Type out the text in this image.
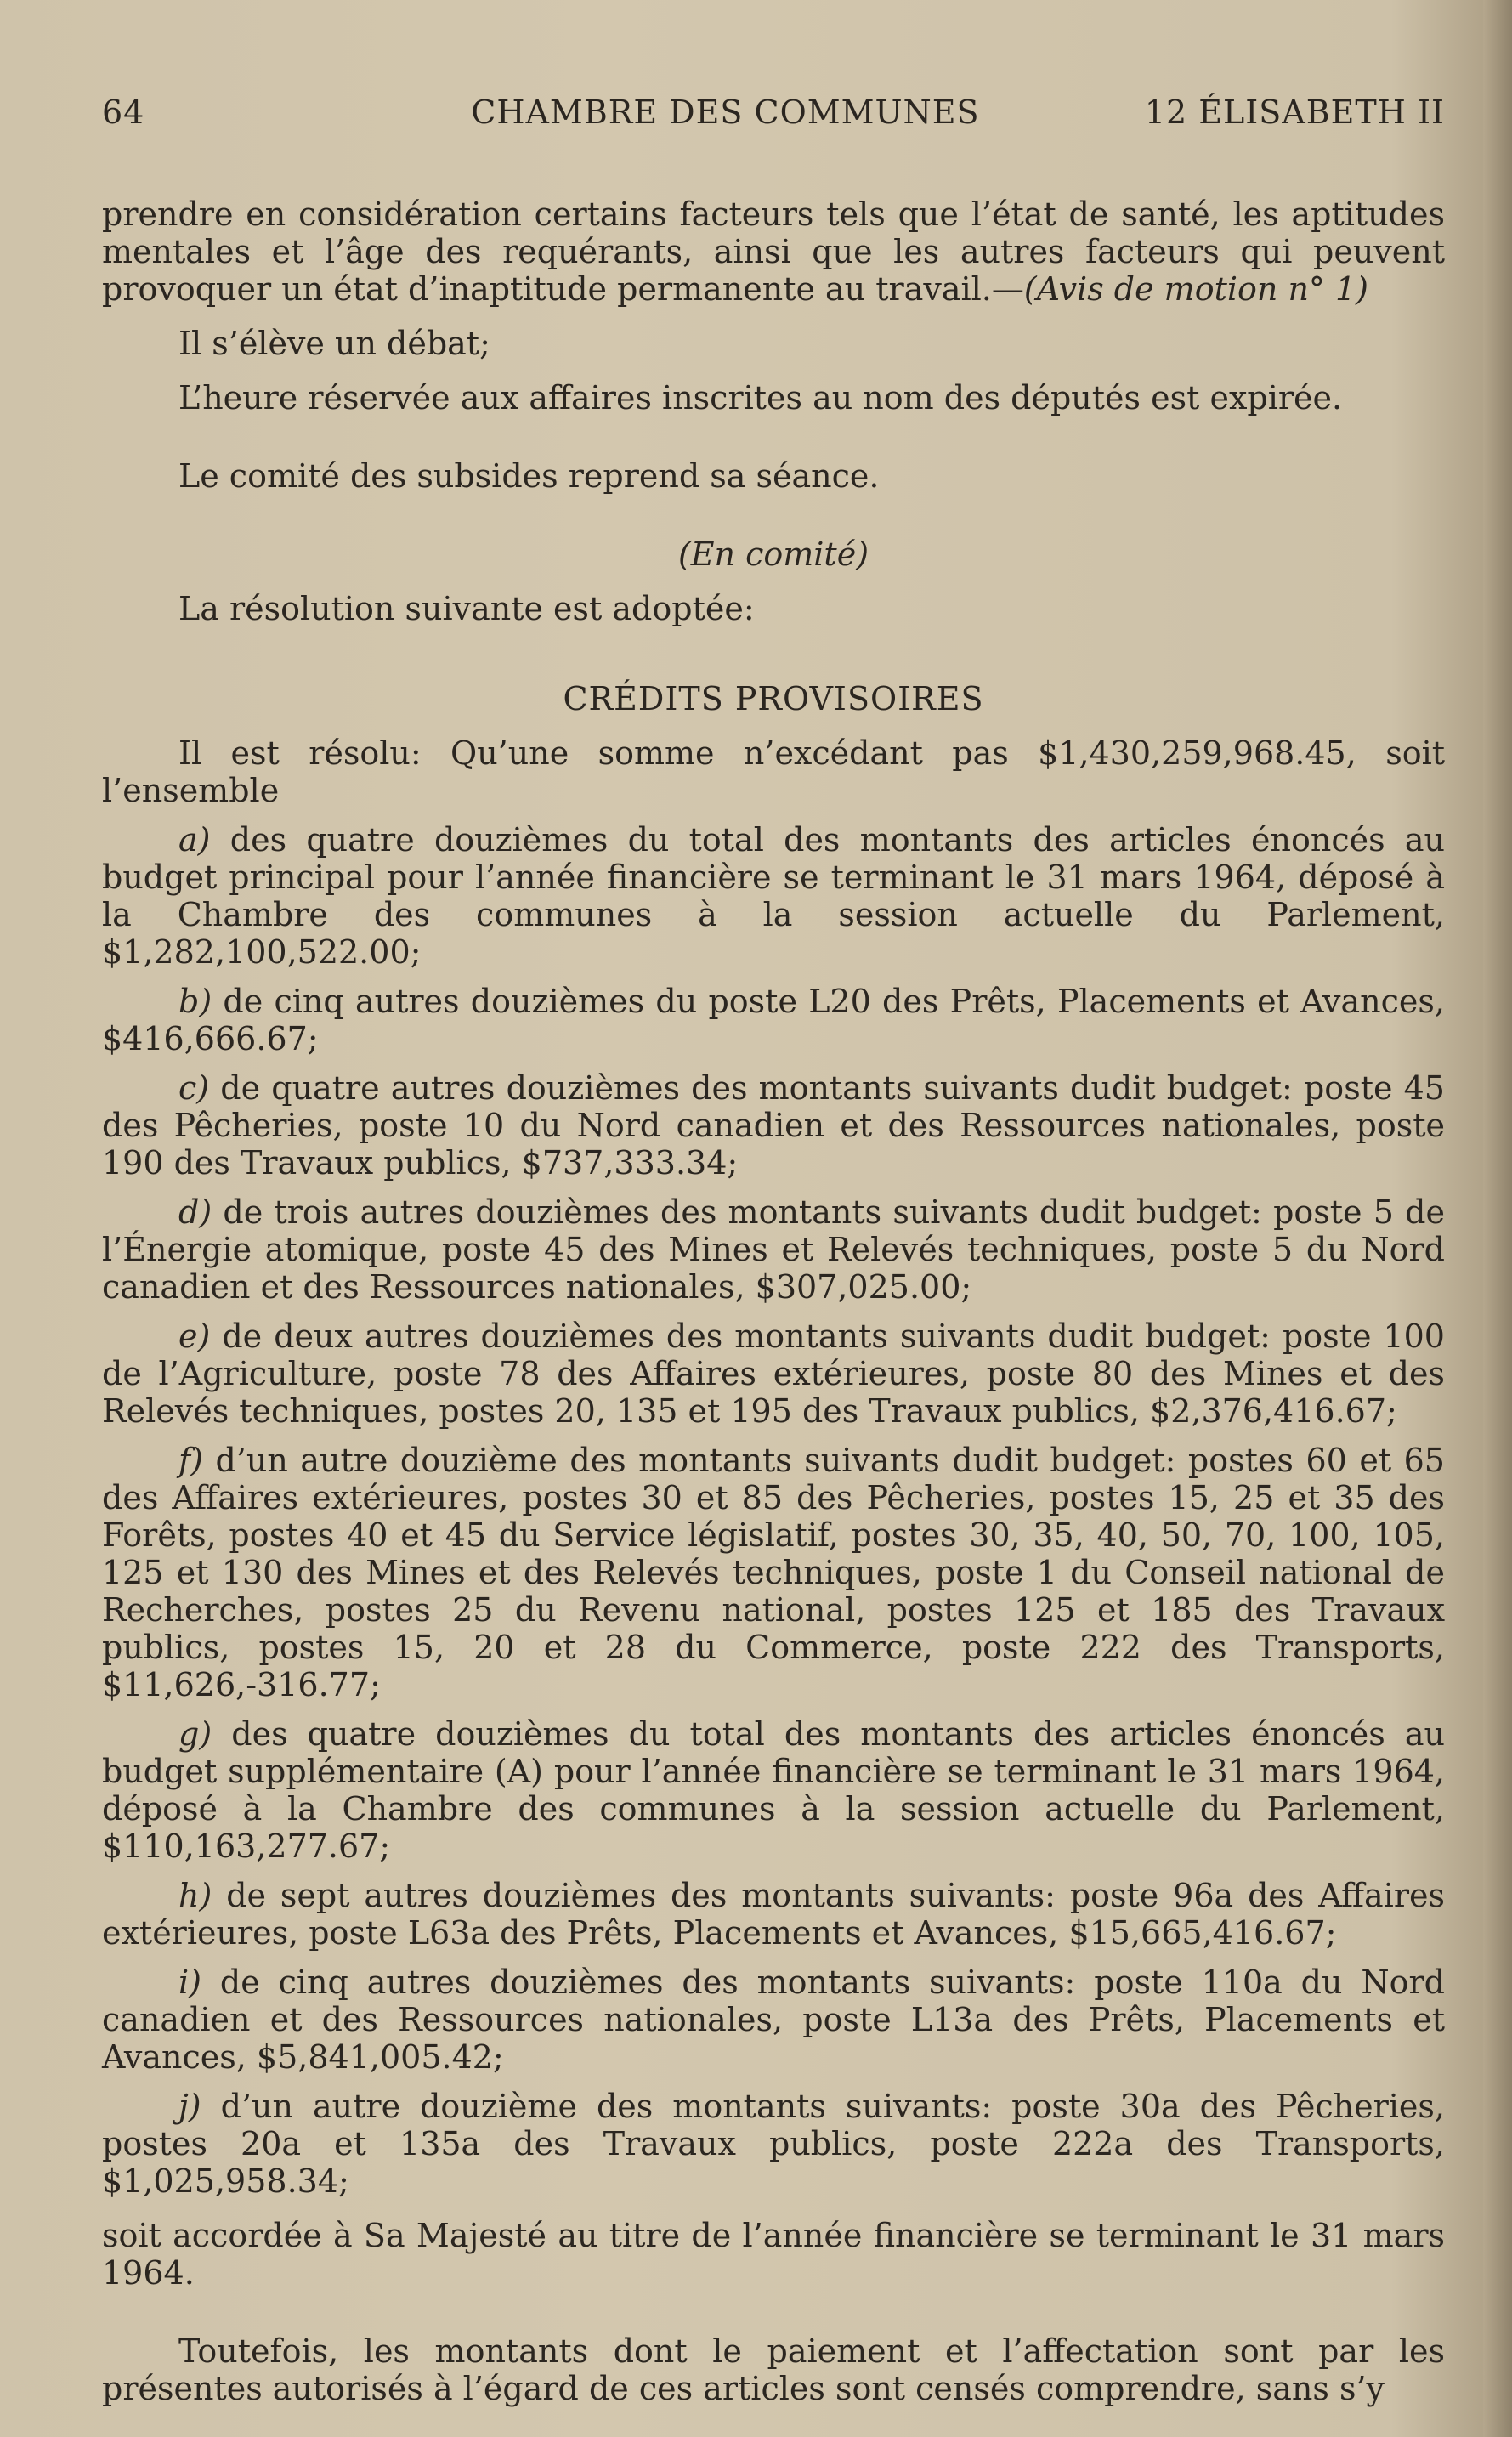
64	CHAMBRE DES COMMUNES	12 ÉLISABETH II

prendre en considération certains facteurs tels que l’état de santé, les aptitudes mentales et l’âge des requérants, ainsi que les autres facteurs qui peuvent provoquer un état d’inaptitude permanente au travail.—(Avis de motion n° 1)

Il s’élève un débat;

L’heure réservée aux affaires inscrites au nom des députés est expirée.

Le comité des subsides reprend sa séance.

(En comité)

La résolution suivante est adoptée:

CRÉDITS PROVISOIRES

Il est résolu: Qu’une somme n’excédant pas $1,430,259,968.45, soit l’ensemble

a) des quatre douzièmes du total des montants des articles énoncés au budget principal pour l’année financière se terminant le 31 mars 1964, déposé à la Chambre des communes à la session actuelle du Parlement, $1,282,100,522.00;

b) de cinq autres douzièmes du poste L20 des Prêts, Placements et Avances, $416,666.67;

c) de quatre autres douzièmes des montants suivants dudit budget: poste 45 des Pêcheries, poste 10 du Nord canadien et des Ressources nationales, poste 190 des Travaux publics, $737,333.34;

d) de trois autres douzièmes des montants suivants dudit budget: poste 5 de l’Énergie atomique, poste 45 des Mines et Relevés techniques, poste 5 du Nord canadien et des Ressources nationales, $307,025.00;

e) de deux autres douzièmes des montants suivants dudit budget: poste 100 de l’Agriculture, poste 78 des Affaires extérieures, poste 80 des Mines et des Relevés techniques, postes 20, 135 et 195 des Travaux publics, $2,376,416.67;

f) d’un autre douzième des montants suivants dudit budget: postes 60 et 65 des Affaires extérieures, postes 30 et 85 des Pêcheries, postes 15, 25 et 35 des Forêts, postes 40 et 45 du Service législatif, postes 30, 35, 40, 50, 70, 100, 105, 125 et 130 des Mines et des Relevés techniques, poste 1 du Conseil national de Recherches, postes 25 du Revenu national, postes 125 et 185 des Travaux publics, postes 15, 20 et 28 du Commerce, poste 222 des Transports, $11,626,-316.77;

g) des quatre douzièmes du total des montants des articles énoncés au budget supplémentaire (A) pour l’année financière se terminant le 31 mars 1964, déposé à la Chambre des communes à la session actuelle du Parlement, $110,163,277.67;

h) de sept autres douzièmes des montants suivants: poste 96a des Affaires extérieures, poste L63a des Prêts, Placements et Avances, $15,665,416.67;

i) de cinq autres douzièmes des montants suivants: poste 110a du Nord canadien et des Ressources nationales, poste L13a des Prêts, Placements et Avances, $5,841,005.42;

j) d’un autre douzième des montants suivants: poste 30a des Pêcheries, postes 20a et 135a des Travaux publics, poste 222a des Transports, $1,025,958.34;

soit accordée à Sa Majesté au titre de l’année financière se terminant le 31 mars 1964.

Toutefois, les montants dont le paiement et l’affectation sont par les présentes autorisés à l’égard de ces articles sont censés comprendre, sans s’y
